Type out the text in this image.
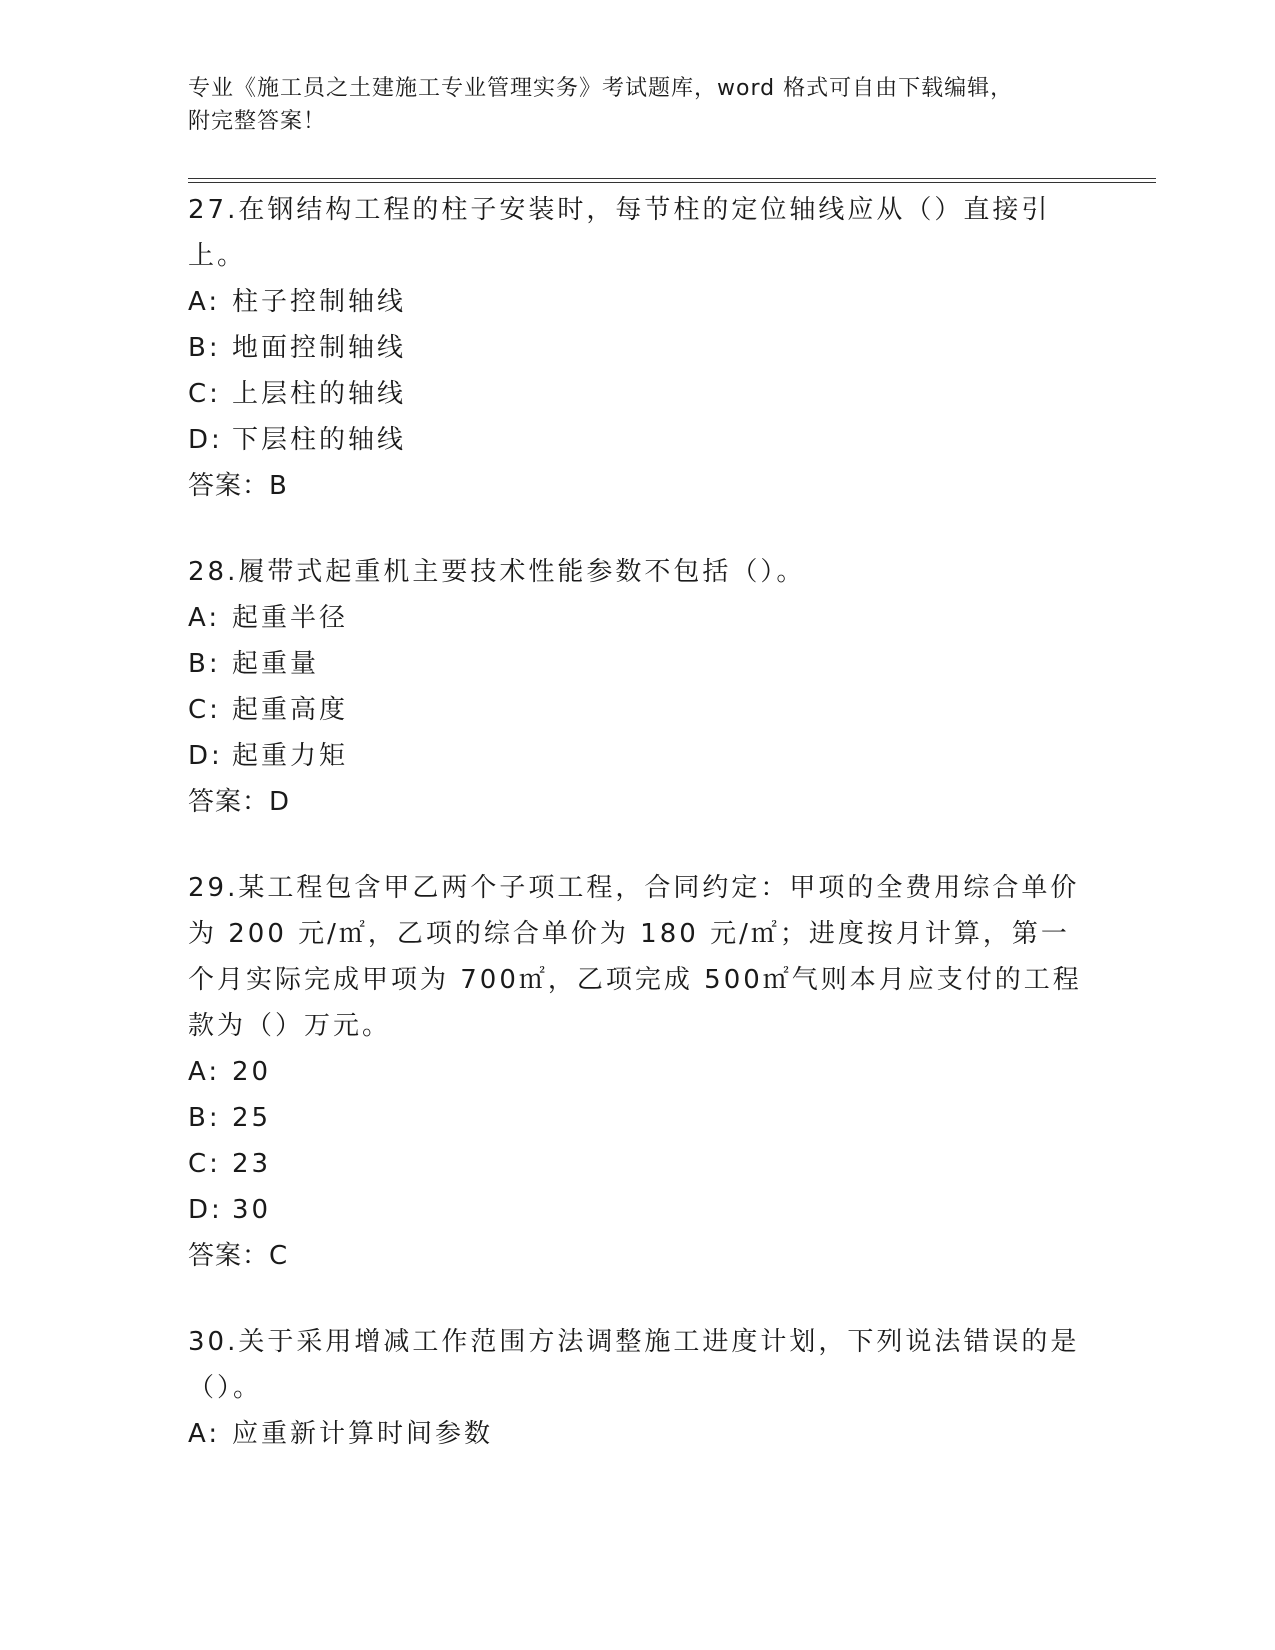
专业《施工员之土建施工专业管理实务》考试题库，word 格式可自由下载编辑，
附完整答案！

27.在钢结构工程的柱子安装时，每节柱的定位轴线应从（）直接引上。

A: 柱子控制轴线
B: 地面控制轴线
C: 上层柱的轴线
D: 下层柱的轴线

答案：B

28.履带式起重机主要技术性能参数不包括（）。

A: 起重半径
B: 起重量
C: 起重高度
D: 起重力矩

答案：D

29.某工程包含甲乙两个子项工程，合同约定：甲项的全费用综合单价为 200 元/㎡，乙项的综合单价为 180 元/㎡；进度按月计算，第一个月实际完成甲项为 700㎡，乙项完成 500㎡气则本月应支付的工程款为（）万元。

A: 20
B: 25
C: 23
D: 30

答案：C

30.关于采用增减工作范围方法调整施工进度计划，下列说法错误的是（）。

A: 应重新计算时间参数
